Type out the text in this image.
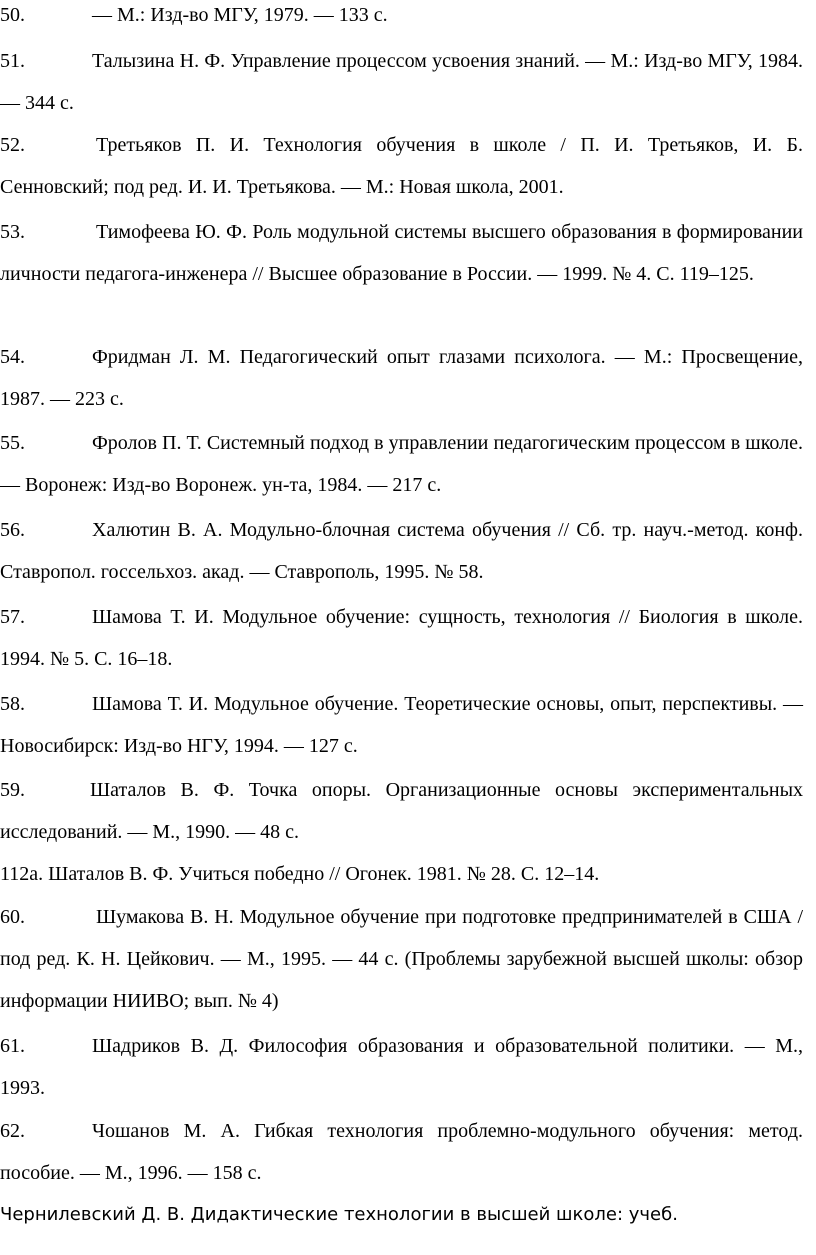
50.	— М.: Изд-во МГУ, 1979. — 133 с.

51.	Талызина Н. Ф. Управление процессом усвоения знаний. — М.: Изд-во МГУ, 1984. — 344 с.

52.	Третьяков П. И. Технология обучения в школе / П. И. Третьяков, И. Б. Сенновский; под ред. И. И. Третьякова. — М.: Новая школа, 2001.

53.	Тимофеева Ю. Ф. Роль модульной системы высшего образования в формировании личности педагога-инженера // Высшее образование в России. — 1999. № 4. С. 119–125.

54.	Фридман Л. М. Педагогический опыт глазами психолога. — М.: Просвещение, 1987. — 223 с.

55.	Фролов П. Т. Системный подход в управлении педагогическим процессом в школе. — Воронеж: Изд-во Воронеж. ун-та, 1984. — 217 с.

56.	Халютин В. А. Модульно-блочная система обучения // Сб. тр. науч.-метод. конф. Ставропол. госсельхоз. акад. — Ставрополь, 1995. № 58.

57.	Шамова Т. И. Модульное обучение: сущность, технология // Биология в школе. 1994. № 5. С. 16–18.

58.	Шамова Т. И. Модульное обучение. Теоретические основы, опыт, перспективы. — Новосибирск: Изд-во НГУ, 1994. — 127 с.

59.	Шаталов В. Ф. Точка опоры. Организационные основы экспериментальных исследований. — М., 1990. — 48 с.

112а. Шаталов В. Ф. Учиться победно // Огонек. 1981. № 28. С. 12–14.

60.	Шумакова В. Н. Модульное обучение при подготовке предпринимателей в США / под ред. К. Н. Цейкович. — М., 1995. — 44 с. (Проблемы зарубежной высшей школы: обзор информации НИИВО; вып. № 4)

61.	Шадриков В. Д. Философия образования и образовательной политики. — М., 1993.

62.	Чошанов М. А. Гибкая технология проблемно-модульного обучения: метод. пособие. — М., 1996. — 158 с.

Чернилевский Д. В. Дидактические технологии в высшей школе: учеб.
